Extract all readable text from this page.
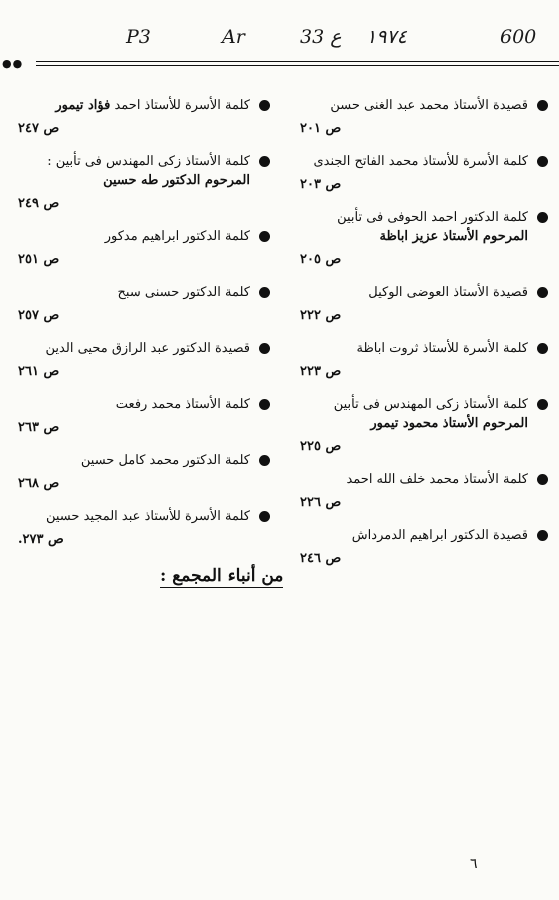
P3	Ar	33 ع ١٩٧٤	600
●●
قصيدة الأستاذ محمد عبد الغنى حسن
ص ٢٠١
كلمة الأسرة للأستاذ محمد الفاتح الجندى
ص ٢٠٣
كلمة الدكتور احمد الحوفى فى تأبين
المرحوم الأستاذ عزيز اباظة
ص ٢٠٥
قصيدة الأستاذ العوضى الوكيل
ص ٢٢٢
كلمة الأسرة للأستاذ ثروت اباظة
ص ٢٢٣
كلمة الأستاذ زكى المهندس فى تأبين
المرحوم الأستاذ محمود تيمور
ص ٢٢٥
كلمة الأستاذ محمد خلف الله احمد
ص ٢٢٦
قصيدة الدكتور ابراهيم الدمرداش
ص ٢٤٦
كلمة الأسرة للأستاذ احمد فؤاد تيمور
ص ٢٤٧
كلمة الأستاذ زكى المهندس فى تأبين :
المرحوم الدكتور طه حسين
ص ٢٤٩
كلمة الدكتور ابراهيم مدكور
ص ٢٥١
كلمة الدكتور حسنى سبح
ص ٢٥٧
قصيدة الدكتور عبد الرازق محيى الدين
ص ٢٦١
كلمة الأستاذ محمد رفعت
ص ٢٦٣
كلمة الدكتور محمد كامل حسين
ص ٢٦٨
كلمة الأسرة للأستاذ عبد المجيد حسين
ص ٢٧٣.
من أنباء المجمع :
٦
